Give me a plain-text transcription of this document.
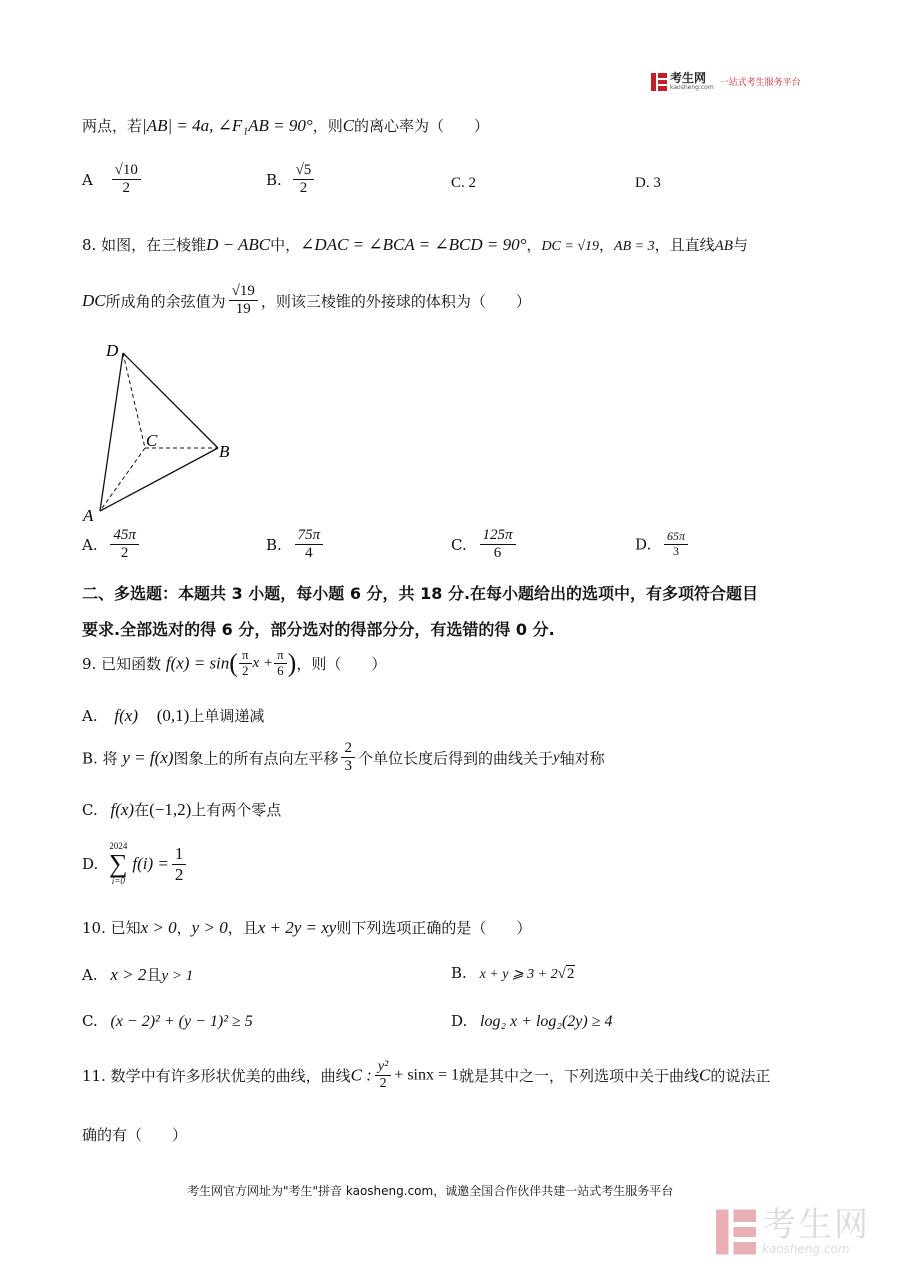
考生网
kaosheng.com 一站式考生服务平台
两点，若|AB| = 4a, ∠F₁AB = 90°，则C的离心率为（　　）
A $\frac{√10}{2}$	B. $\frac{√5}{2}$	C. 2	D. 3
8. 如图，在三棱锥D − ABC中，∠DAC = ∠BCA = ∠BCD = 90°，DC = √19，AB = 3，且直线AB与
DC所成角的余弦值为 $\frac{√19}{19}$ ，则该三棱锥的外接球的体积为（　　）
D
C
B
A
A. $\frac{45\pi}{2}$	B. $\frac{75\pi}{4}$	C. $\frac{125\pi}{6}$	D. $\frac{65\pi}{3}$
二、多选题：本题共 3 小题，每小题 6 分，共 18 分.在每小题给出的选项中，有多项符合题目
要求.全部选对的得 6 分，部分选对的得部分分，有选错的得 0 分.
9. 已知函数 $f(x) = \sin( \frac{\pi}{2}$ $x + \frac{\pi}{6}$ )，则（　　）
A. f(x) (0,1)上单调递减
B. 将 y = f(x)图象上的所有点向左平移 $\frac{2}{3}$ 个单位长度后得到的曲线关于y轴对称
C. f(x)在(−1,2)上有两个零点
D.
2024
∑
i=0
$f(i) = \frac{1}{2}$
10. 已知x > 0，y > 0，且x + 2y = xy则下列选项正确的是（　　）
A. x > 2且y > 1	B. x + y ⩾ 3 + 2√2
C. (x − 2)² + (y − 1)² ≥ 5	D. log₂ x + log₂(2y) ≥ 4
11. 数学中有许多形状优美的曲线，曲线C : $\frac{\text{y²}}{2} + \sin x = 1$就是其中之一，下列选项中关于曲线C的说法正
确的有（　　）
考生网官方网址为"考生"拼音 kaosheng.com，诚邀全国合作伙伴共建一站式考生服务平台
考生网
kaosheng.com
